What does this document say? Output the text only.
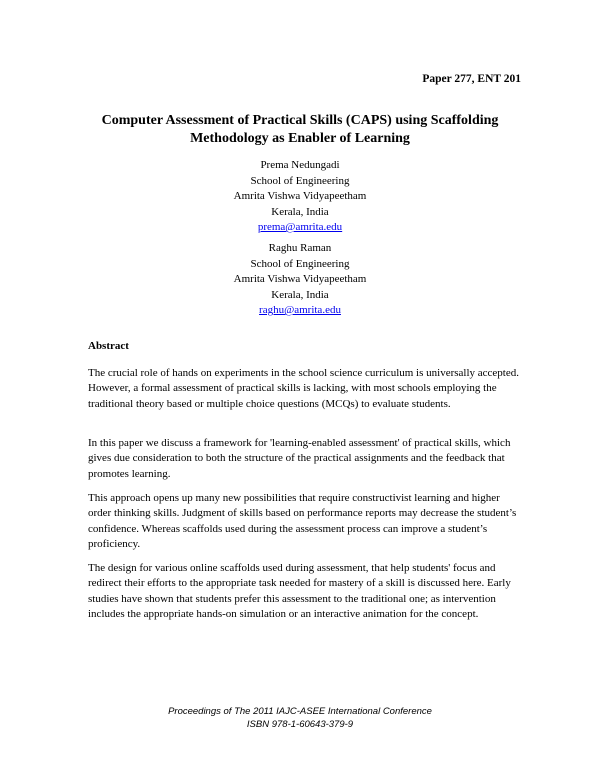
Paper 277, ENT 201
Computer Assessment of Practical Skills (CAPS) using Scaffolding
Methodology as Enabler of Learning
Prema Nedungadi
School of Engineering
Amrita Vishwa Vidyapeetham
Kerala, India
prema@amrita.edu
Raghu Raman
School of Engineering
Amrita Vishwa Vidyapeetham
Kerala, India
raghu@amrita.edu
Abstract

The crucial role of hands on experiments in the school science curriculum is universally accepted. However, a formal assessment of practical skills is lacking, with most schools employing the traditional theory based or multiple choice questions (MCQs) to evaluate students.

In this paper we discuss a framework for 'learning-enabled assessment' of practical skills, which gives due consideration to both the structure of the practical assignments and the feedback that promotes learning.

This approach opens up many new possibilities that require constructivist learning and higher order thinking skills. Judgment of skills based on performance reports may decrease the student’s confidence. Whereas scaffolds used during the assessment process can improve a student’s proficiency.

The design for various online scaffolds used during assessment, that help students' focus and redirect their efforts to the appropriate task needed for mastery of a skill is discussed here. Early studies have shown that students prefer this assessment to the traditional one; as intervention includes the appropriate hands-on simulation or an interactive animation for the concept.

Proceedings of The 2011 IAJC-ASEE International Conference
ISBN 978-1-60643-379-9
